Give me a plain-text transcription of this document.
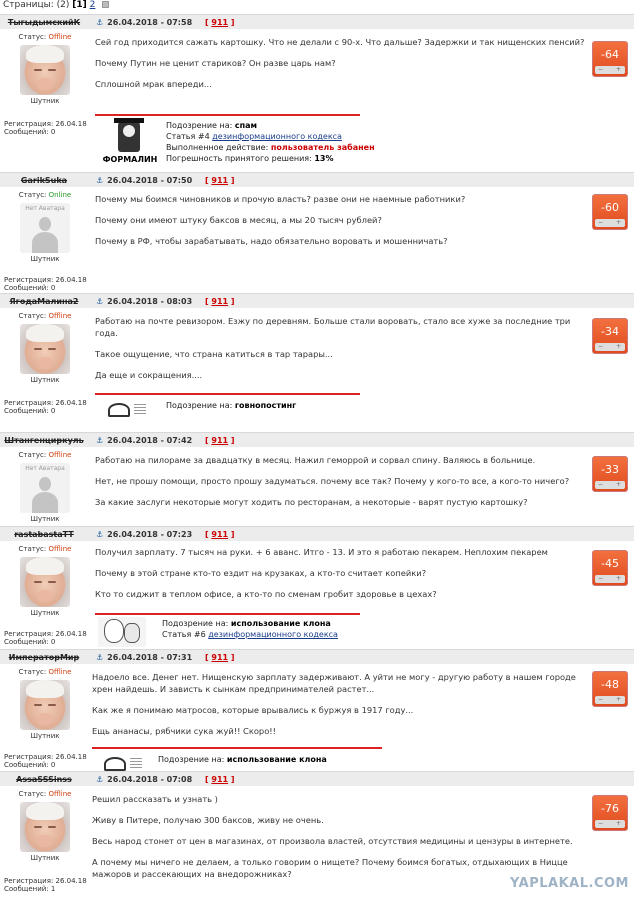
Страницы: (2) [1] 2
ТыгыдымскийК	⚓ 26.04.2018 - 07:58 [ 911 ]
Статус: Offline
Шутник
Регистрация: 26.04.18
Сообщений: 0

Сей год приходится сажать картошку. Что не делали с 90-х. Что дальше? Задержки и так нищенских пенсий?

Почему Путин не ценит стариков? Он разве царь нам?

Сплошной мрак впереди...

-64
+
−
ФОРМАЛИН
Подозрение на: спам
Статья #4 дезинформационного кодекса
Выполненное действие: пользователь забанен
Погрешность принятого решения: 13%
GarikSuka	⚓ 26.04.2018 - 07:50 [ 911 ]
Статус: Online
Нет Аватара
Шутник
Регистрация: 26.04.18
Сообщений: 0

Почему мы боимся чиновников и прочую власть? разве они не наемные работники?

Почему они имеют штуку баксов в месяц, а мы 20 тысяч рублей?

Почему в РФ, чтобы зарабатывать, надо обязательно воровать и мошенничать?

-60
+
−
ЯгодаМалина2	⚓ 26.04.2018 - 08:03 [ 911 ]
Статус: Offline
Шутник
Регистрация: 26.04.18
Сообщений: 0

Работаю на почте ревизором. Езжу по деревням. Больше стали воровать, стало все хуже за последние три года.

Такое ощущение, что страна катиться в тар тарары...

Да еще и сокращения....

-34
+
−
Подозрение на: говнопостинг
Штангенциркуль	⚓ 26.04.2018 - 07:42 [ 911 ]
Статус: Offline
Нет Аватара
Шутник

Работаю на пилораме за двадцатку в месяц. Нажил геморрой и сорвал спину. Валяюсь в больнице.

Нет, не прошу помощи, просто прошу задуматься. почему все так? Почему у кого-то все, а кого-то ничего?

За какие заслуги некоторые могут ходить по ресторанам, а некоторые - варят пустую картошку?

-33
+
−
rastabastaTT	⚓ 26.04.2018 - 07:23 [ 911 ]
Статус: Offline
Шутник
Регистрация: 26.04.18
Сообщений: 0

Получил зарплату. 7 тысяч на руки. + 6 аванс. Итго - 13. И это я работаю пекарем. Неплохим пекарем

Почему в этой стране кто-то ездит на крузаках, а кто-то считает копейки?

Кто то сиджит в теплом офисе, а кто-то по сменам гробит здоровье в цехах?

-45
+
−
Подозрение на: использование клона
Статья #6 дезинформационного кодекса
ИмператорМир	⚓ 26.04.2018 - 07:31 [ 911 ]
Статус: Offline
Шутник
Регистрация: 26.04.18
Сообщений: 0

Надоело все. Денег нет. Нищенскую зарплату задерживают. А уйти не могу - другую работу в нашем городе хрен найдешь. И зависть к сынкам предпринимателей растет...

Как же я понимаю матросов, которые врывались к буржуя в 1917 году...

Ещь ананасы, рябчики сука жуй!! Скоро!!

-48
+
−
Подозрение на: использование клона
AssaSSSinss	⚓ 26.04.2018 - 07:08 [ 911 ]
Статус: Offline
Шутник
Регистрация: 26.04.18
Сообщений: 1

Решил рассказать и узнать )

Живу в Питере, получаю 300 баксов, живу не очень.

Весь народ стонет от цен в магазинах, от произвола властей, отсутствия медицины и цензуры в интернете.

А почему мы ничего не делаем, а только говорим о нищете? Почему боимся богатых, отдыхающих в Ницце мажоров и рассекающих на внедорожниках?

-76
+
−
YAPLAKAL.COM
